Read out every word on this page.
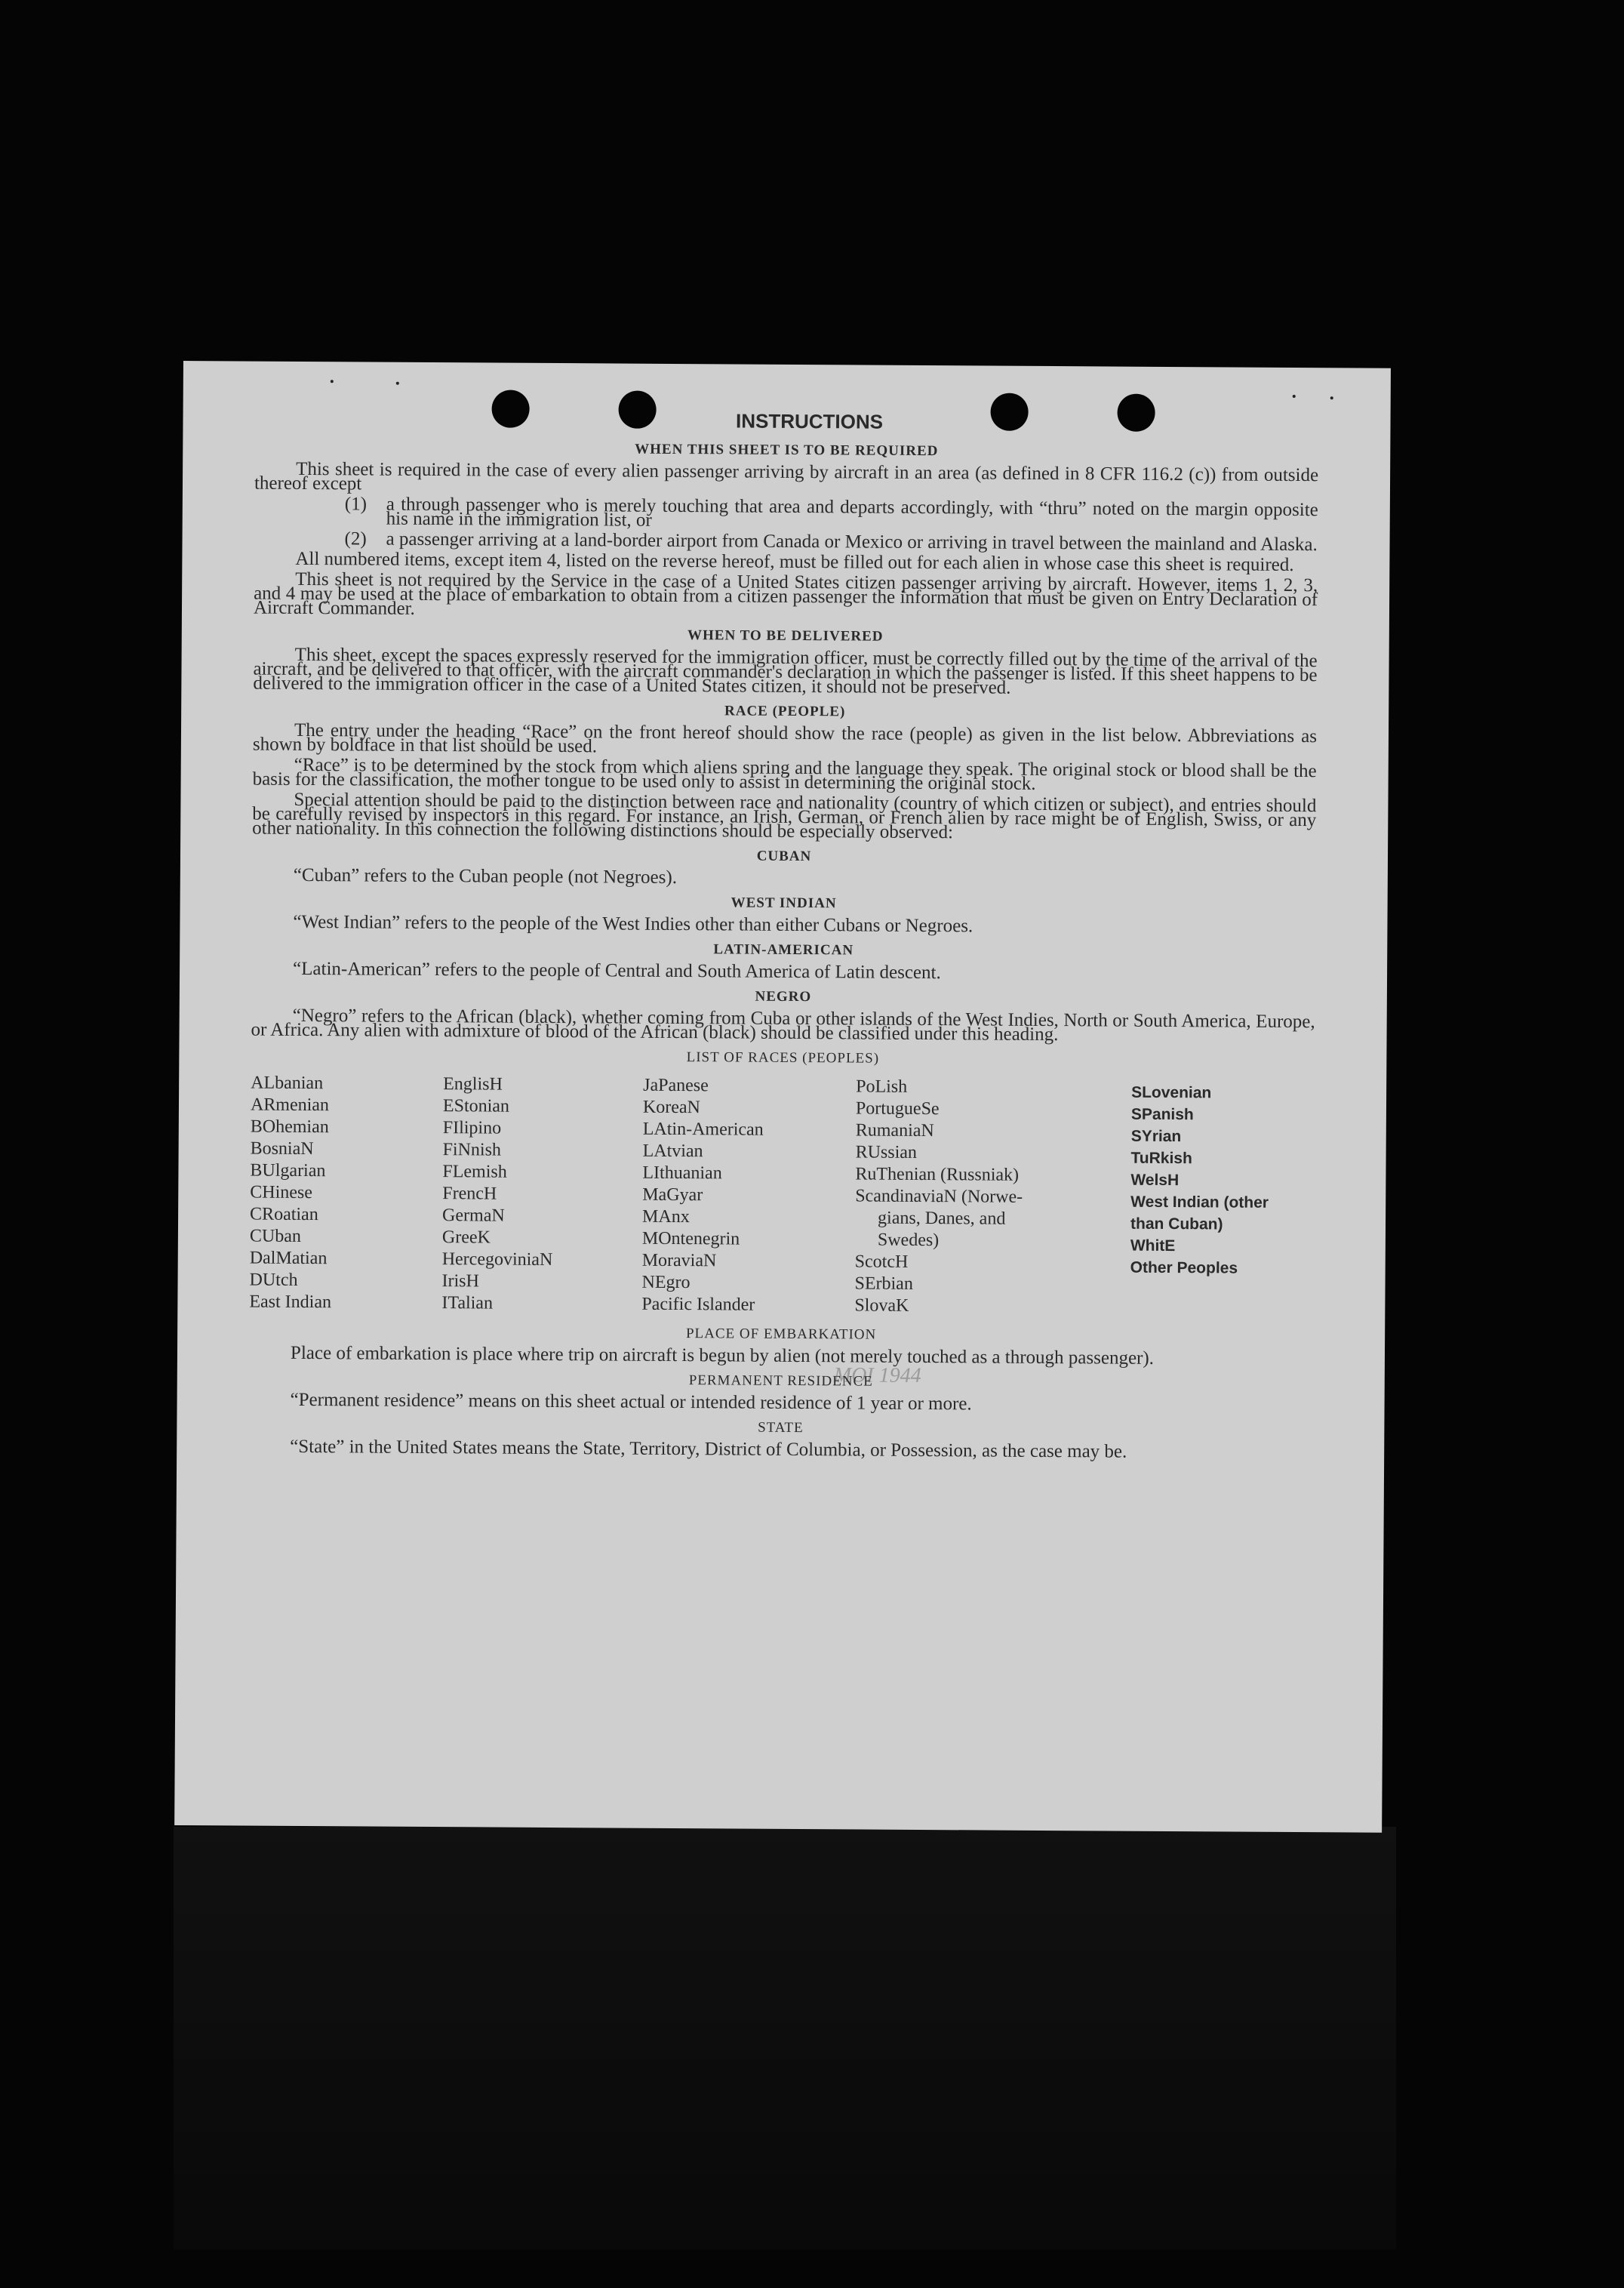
MOI 1944
INSTRUCTIONS
WHEN THIS SHEET IS TO BE REQUIRED

This sheet is required in the case of every alien passenger arriving by aircraft in an area (as defined in 8 CFR 116.2 (c)) from outside thereof except

(1)	a through passenger who is merely touching that area and departs accordingly, with “thru” noted on the margin opposite his name in the immigration list, or
(2)	a passenger arriving at a land-border airport from Canada or Mexico or arriving in travel between the mainland and Alaska.

All numbered items, except item 4, listed on the reverse hereof, must be filled out for each alien in whose case this sheet is required.

This sheet is not required by the Service in the case of a United States citizen passenger arriving by aircraft. However, items 1, 2, 3, and 4 may be used at the place of embarkation to obtain from a citizen passenger the information that must be given on Entry Declaration of Aircraft Commander.

WHEN TO BE DELIVERED

This sheet, except the spaces expressly reserved for the immigration officer, must be correctly filled out by the time of the arrival of the aircraft, and be delivered to that officer, with the aircraft commander's declaration in which the passenger is listed. If this sheet happens to be delivered to the immigration officer in the case of a United States citizen, it should not be preserved.

RACE (PEOPLE)

The entry under the heading “Race” on the front hereof should show the race (people) as given in the list below. Abbreviations as shown by boldface in that list should be used.

“Race” is to be determined by the stock from which aliens spring and the language they speak. The original stock or blood shall be the basis for the classification, the mother tongue to be used only to assist in determining the original stock.

Special attention should be paid to the distinction between race and nationality (country of which citizen or subject), and entries should be carefully revised by inspectors in this regard. For instance, an Irish, German, or French alien by race might be of English, Swiss, or any other nationality. In this connection the following distinctions should be especially observed:

CUBAN

“Cuban” refers to the Cuban people (not Negroes).

WEST INDIAN

“West Indian” refers to the people of the West Indies other than either Cubans or Negroes.

LATIN-AMERICAN

“Latin-American” refers to the people of Central and South America of Latin descent.

NEGRO

“Negro” refers to the African (black), whether coming from Cuba or other islands of the West Indies, North or South America, Europe, or Africa. Any alien with admixture of blood of the African (black) should be classified under this heading.

LIST OF RACES (PEOPLES)
ALbanian
ARmenian
BOhemian
BosniaN
BUlgarian
CHinese
CRoatian
CUban
DalMatian
DUtch
East Indian
EnglisH
EStonian
FIlipino
FiNnish
FLemish
FrencH
GermaN
GreeK
HercegoviniaN
IrisH
ITalian
JaPanese
KoreaN
LAtin-American
LAtvian
LIthuanian
MaGyar
MAnx
MOntenegrin
MoraviaN
NEgro
Pacific Islander
PoLish
PortugueSe
RumaniaN
RUssian
RuThenian (Russniak)
ScandinaviaN (Norwe-
gians, Danes, and
Swedes)
ScotcH
SErbian
SlovaK
SLovenian
SPanish
SYrian
TuRkish
WelsH
West Indian (other
than Cuban)
WhitE
Other Peoples
PLACE OF EMBARKATION

Place of embarkation is place where trip on aircraft is begun by alien (not merely touched as a through passenger).

PERMANENT RESIDENCE

“Permanent residence” means on this sheet actual or intended residence of 1 year or more.

STATE

“State” in the United States means the State, Territory, District of Columbia, or Possession, as the case may be.
